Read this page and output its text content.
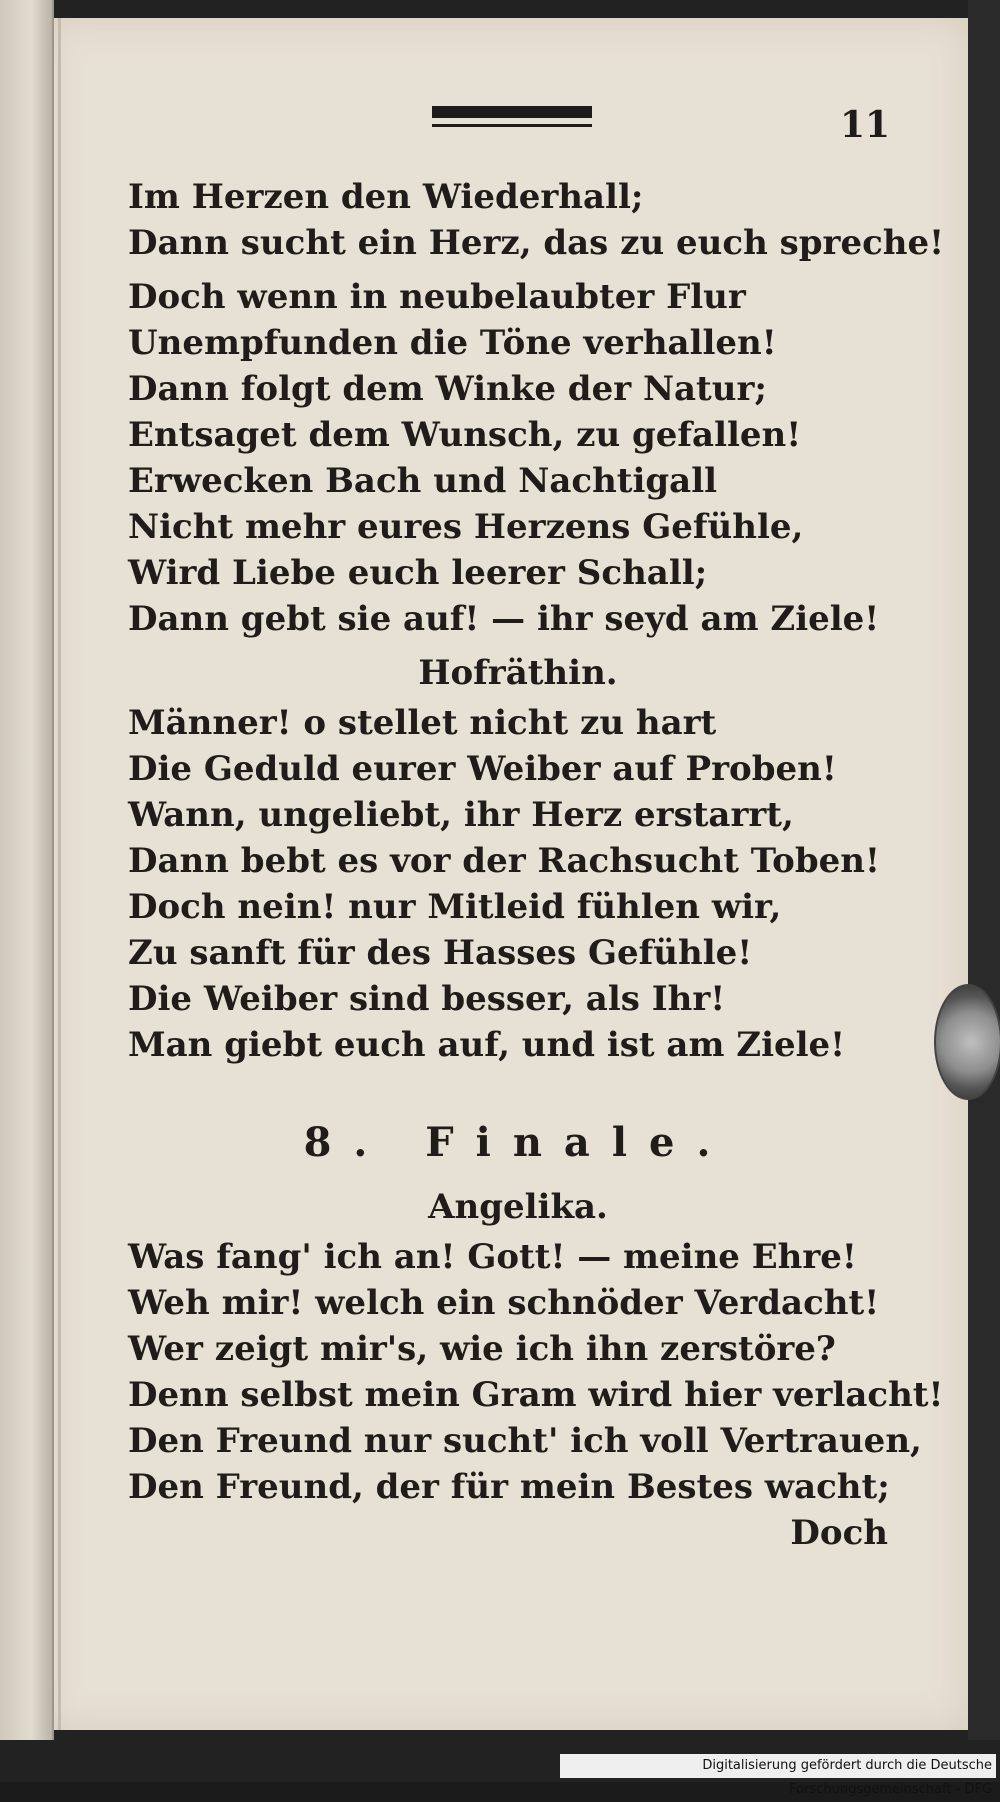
11
Im Herzen den Wiederhall;
Dann sucht ein Herz, das zu euch spreche!
Doch wenn in neubelaubter Flur
Unempfunden die Töne verhallen!
Dann folgt dem Winke der Natur;
Entsaget dem Wunsch, zu gefallen!
Erwecken Bach und Nachtigall
Nicht mehr eures Herzens Gefühle,
Wird Liebe euch leerer Schall;
Dann gebt sie auf! — ihr seyd am Ziele!
Hofräthin.
Männer! o stellet nicht zu hart
Die Geduld eurer Weiber auf Proben!
Wann, ungeliebt, ihr Herz erstarrt,
Dann bebt es vor der Rachsucht Toben!
Doch nein! nur Mitleid fühlen wir,
Zu sanft für des Hasses Gefühle!
Die Weiber sind besser, als Ihr!
Man giebt euch auf, und ist am Ziele!
8. Finale.
Angelika.
Was fang' ich an! Gott! — meine Ehre!
Weh mir! welch ein schnöder Verdacht!
Wer zeigt mir's, wie ich ihn zerstöre?
Denn selbst mein Gram wird hier verlacht!
Den Freund nur sucht' ich voll Vertrauen,
Den Freund, der für mein Bestes wacht;
Doch
Digitalisierung gefördert durch die Deutsche Forschungsgemeinschaft - DFG
